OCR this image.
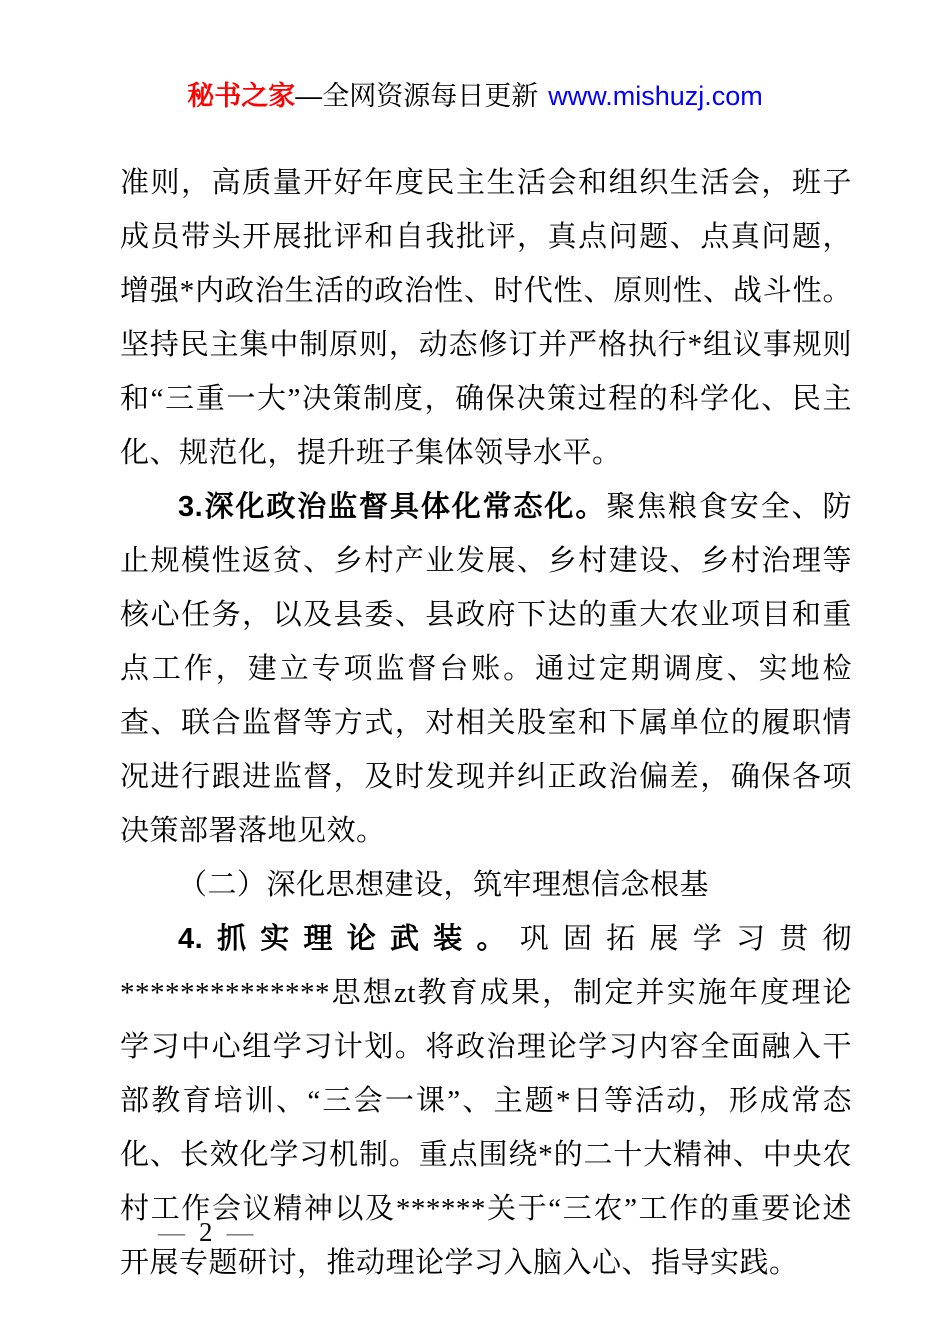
秘书之家—全网资源每日更新 www.mishuzj.com

准则，高质量开好年度民主生活会和组织生活会，班子成员带头开展批评和自我批评，真点问题、点真问题，增强*内政治生活的政治性、时代性、原则性、战斗性。坚持民主集中制原则，动态修订并严格执行*组议事规则和“三重一大”决策制度，确保决策过程的科学化、民主化、规范化，提升班子集体领导水平。

3.深化政治监督具体化常态化。聚焦粮食安全、防止规模性返贫、乡村产业发展、乡村建设、乡村治理等核心任务，以及县委、县政府下达的重大农业项目和重点工作，建立专项监督台账。通过定期调度、实地检查、联合监督等方式，对相关股室和下属单位的履职情况进行跟进监督，及时发现并纠正政治偏差，确保各项决策部署落地见效。

（二）深化思想建设，筑牢理想信念根基

4.抓实理论武装。巩固拓展学习贯彻**************思想zt教育成果，制定并实施年度理论学习中心组学习计划。将政治理论学习内容全面融入干部教育培训、“三会一课”、主题*日等活动，形成常态化、长效化学习机制。重点围绕*的二十大精神、中央农村工作会议精神以及******关于“三农”工作的重要论述开展专题研讨，推动理论学习入脑入心、指导实践。

— 2 —
